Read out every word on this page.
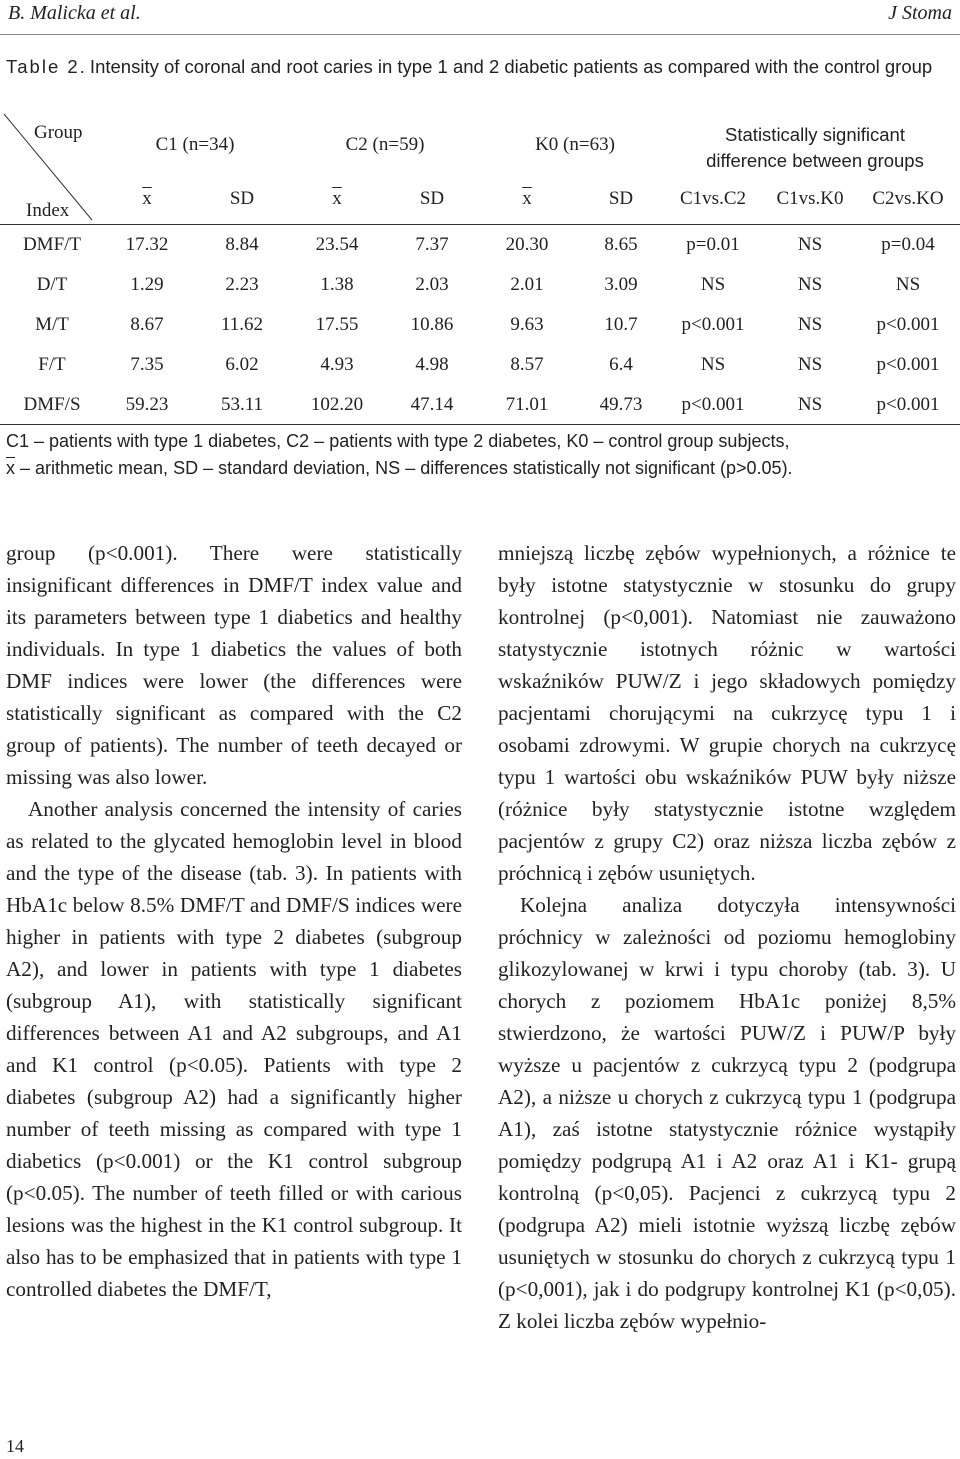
B. Malicka et al.	J Stoma
Table 2. Intensity of coronal and root caries in type 1 and 2 diabetic patients as compared with the control group
Group
Index
C1 (n=34)	C2 (n=59)	K0 (n=63)	Statistically significant difference between groups
$\overline{x}$	SD	$\overline{x}$	SD	$\overline{x}$	SD C1vs.C2 C1vs.K0 C2vs.KO
DMF/T 17.32	8.84	23.54	7.37	20.30	8.65	p=0.01	NS	p=0.04
D/T	1.29	2.23	1.38	2.03	2.01	3.09	NS	NS	NS
M/T	8.67	11.62	17.55	10.86	9.63	10.7 p<0.001	NS	p<0.001
F/T	7.35	6.02	4.93	4.98	8.57	6.4	NS	NS	p<0.001
DMF/S 59.23	53.11	102.20	47.14	71.01	49.73 p<0.001	NS	p<0.001
C1 – patients with type 1 diabetes, C2 – patients with type 2 diabetes, K0 – control group subjects,
$\overline{x}$ – arithmetic mean, SD – standard deviation, NS – differences statistically not significant (p>0.05).

group (p<0.001). There were statistically insignificant differences in DMF/T index value and its parameters between type 1 diabetics and healthy individuals. In type 1 diabetics the values of both DMF indices were lower (the differences were statistically significant as compared with the C2 group of patients). The number of teeth decayed or missing was also lower.

Another analysis concerned the intensity of caries as related to the glycated hemoglobin level in blood and the type of the disease (tab. 3). In patients with HbA1c below 8.5% DMF/T and DMF/S indices were higher in patients with type 2 diabetes (subgroup A2), and lower in patients with type 1 diabetes (subgroup A1), with statistically significant differences between A1 and A2 subgroups, and A1 and K1 control (p<0.05). Patients with type 2 diabetes (subgroup A2) had a significantly higher number of teeth missing as compared with type 1 diabetics (p<0.001) or the K1 control subgroup (p<0.05). The number of teeth filled or with carious lesions was the highest in the K1 control subgroup. It also has to be emphasized that in patients with type 1 controlled diabetes the DMF/T,

mniejszą liczbę zębów wypełnionych, a różnice te były istotne statystycznie w stosunku do grupy kontrolnej (p<0,001). Natomiast nie zauważono statystycznie istotnych różnic w wartości wskaźników PUW/Z i jego składowych pomiędzy pacjentami chorującymi na cukrzycę typu 1 i osobami zdrowymi. W grupie chorych na cukrzycę typu 1 wartości obu wskaźników PUW były niższe (różnice były statystycznie istotne względem pacjentów z grupy C2) oraz niższa liczba zębów z próchnicą i zębów usuniętych.

Kolejna analiza dotyczyła intensywności próchnicy w zależności od poziomu hemoglobiny glikozylowanej w krwi i typu choroby (tab. 3). U chorych z poziomem HbA1c poniżej 8,5% stwierdzono, że wartości PUW/Z i PUW/P były wyższe u pacjentów z cukrzycą typu 2 (podgrupa A2), a niższe u chorych z cukrzycą typu 1 (podgrupa A1), zaś istotne statystycznie różnice wystąpiły pomiędzy podgrupą A1 i A2 oraz A1 i K1- grupą kontrolną (p<0,05). Pacjenci z cukrzycą typu 2 (podgrupa A2) mieli istotnie wyższą liczbę zębów usuniętych w stosunku do chorych z cukrzycą typu 1 (p<0,001), jak i do podgrupy kontrolnej K1 (p<0,05). Z kolei liczba zębów wypełnio-

14
